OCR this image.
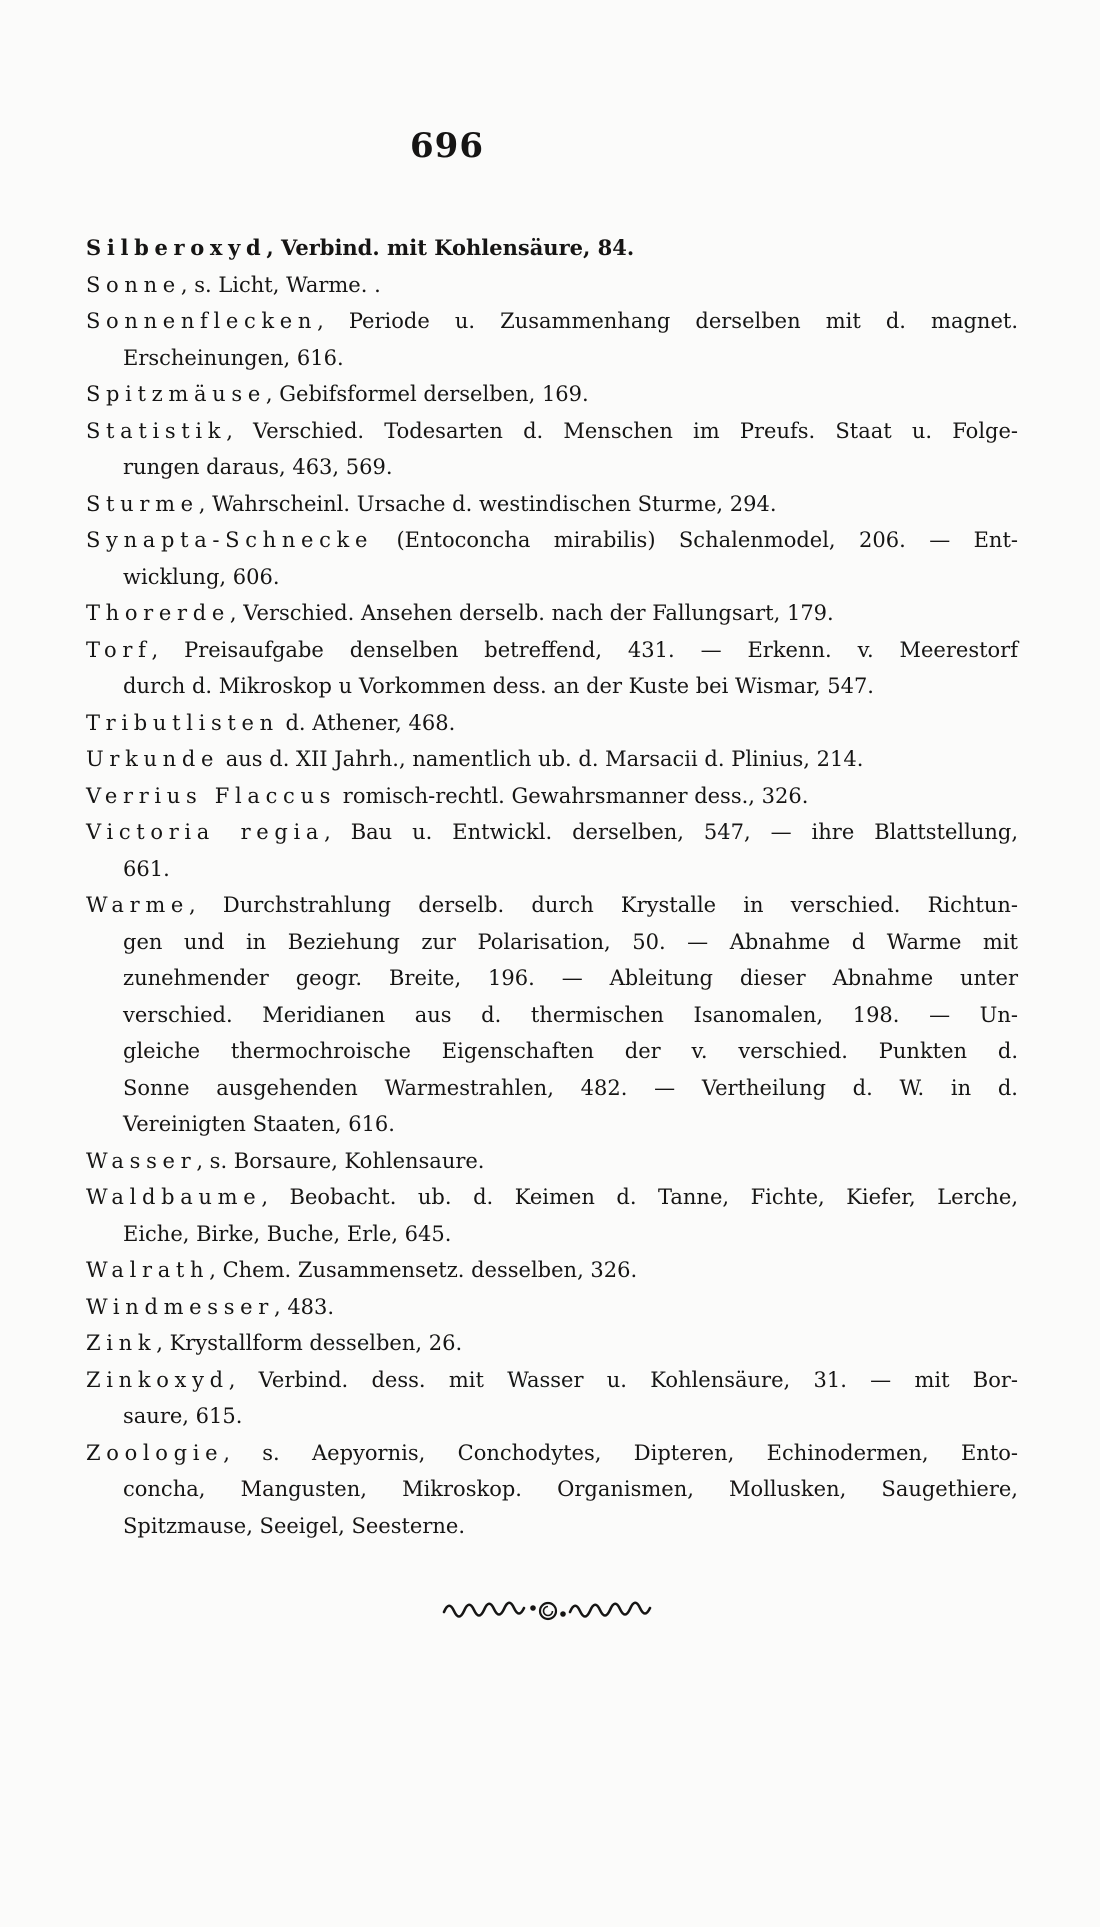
696

Silberoxyd, Verbind. mit Kohlensäure, 84.

Sonne, s. Licht, Warme. .

Sonnenflecken, Periode u. Zusammenhang derselben mit d. magnet.
Erscheinungen, 616.

Spitzmäuse, Gebifsformel derselben, 169.

Statistik, Verschied. Todesarten d. Menschen im Preufs. Staat u. Folge-
rungen daraus, 463, 569.

Sturme, Wahrscheinl. Ursache d. westindischen Sturme, 294.

Synapta-Schnecke (Entoconcha mirabilis) Schalenmodel, 206. — Ent-
wicklung, 606.

Thorerde, Verschied. Ansehen derselb. nach der Fallungsart, 179.

Torf, Preisaufgabe denselben betreffend, 431. — Erkenn. v. Meerestorf
durch d. Mikroskop u Vorkommen dess. an der Kuste bei Wismar, 547.

Tributlisten d. Athener, 468.

Urkunde aus d. XII Jahrh., namentlich ub. d. Marsacii d. Plinius, 214.

Verrius Flaccus romisch-rechtl. Gewahrsmanner dess., 326.

Victoria regia, Bau u. Entwickl. derselben, 547, — ihre Blattstellung,
661.

Warme, Durchstrahlung derselb. durch Krystalle in verschied. Richtun-
gen und in Beziehung zur Polarisation, 50. — Abnahme d Warme mit
zunehmender geogr. Breite, 196. — Ableitung dieser Abnahme unter
verschied. Meridianen aus d. thermischen Isanomalen, 198. — Un-
gleiche thermochroische Eigenschaften der v. verschied. Punkten d.
Sonne ausgehenden Warmestrahlen, 482. — Vertheilung d. W. in d.
Vereinigten Staaten, 616.

Wasser, s. Borsaure, Kohlensaure.

Waldbaume, Beobacht. ub. d. Keimen d. Tanne, Fichte, Kiefer, Lerche,
Eiche, Birke, Buche, Erle, 645.

Walrath, Chem. Zusammensetz. desselben, 326.

Windmesser, 483.

Zink, Krystallform desselben, 26.

Zinkoxyd, Verbind. dess. mit Wasser u. Kohlensäure, 31. — mit Bor-
saure, 615.

Zoologie, s. Aepyornis, Conchodytes, Dipteren, Echinodermen, Ento-
concha, Mangusten, Mikroskop. Organismen, Mollusken, Saugethiere,
Spitzmause, Seeigel, Seesterne.
